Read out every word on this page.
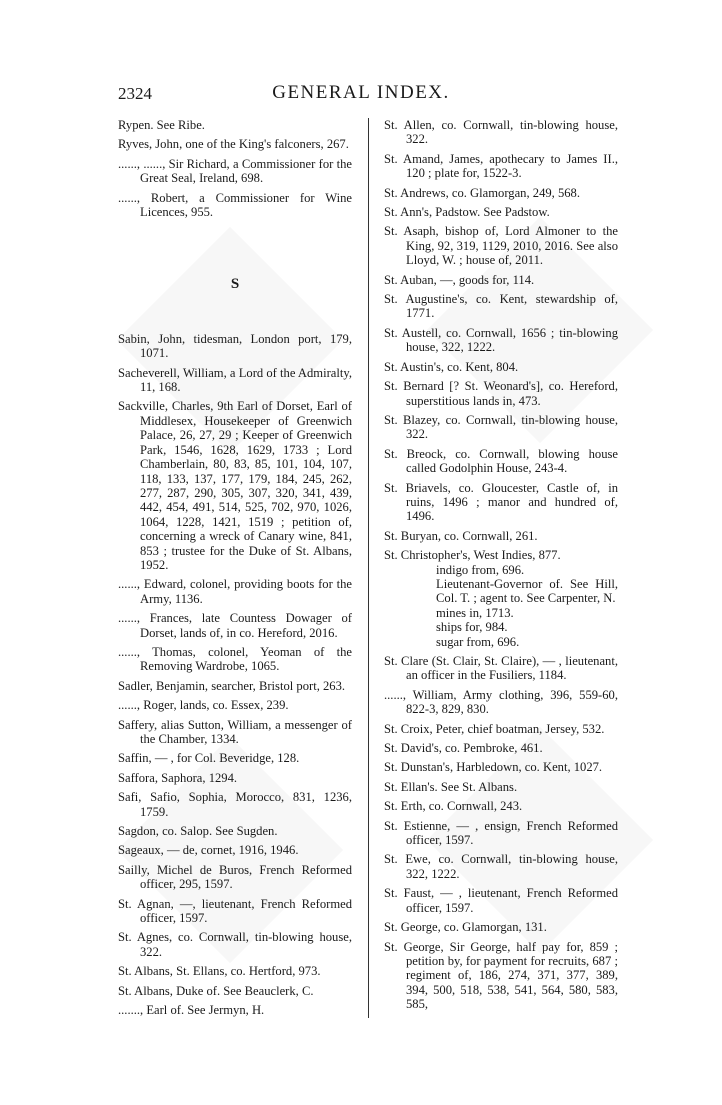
2324	GENERAL INDEX.
Rypen. See Ribe.
Ryves, John, one of the King's falconers, 267.
......, ......, Sir Richard, a Commissioner for the Great Seal, Ireland, 698.
......, Robert, a Commissioner for Wine Licences, 955.
S
Sabin, John, tidesman, London port, 179, 1071.
Sacheverell, William, a Lord of the Admiralty, 11, 168.
Sackville, Charles, 9th Earl of Dorset, Earl of Middlesex, Housekeeper of Greenwich Palace, 26, 27, 29 ; Keeper of Greenwich Park, 1546, 1628, 1629, 1733 ; Lord Chamberlain, 80, 83, 85, 101, 104, 107, 118, 133, 137, 177, 179, 184, 245, 262, 277, 287, 290, 305, 307, 320, 341, 439, 442, 454, 491, 514, 525, 702, 970, 1026, 1064, 1228, 1421, 1519 ; petition of, concerning a wreck of Canary wine, 841, 853 ; trustee for the Duke of St. Albans, 1952.
......, Edward, colonel, providing boots for the Army, 1136.
......, Frances, late Countess Dowager of Dorset, lands of, in co. Hereford, 2016.
......, Thomas, colonel, Yeoman of the Removing Wardrobe, 1065.
Sadler, Benjamin, searcher, Bristol port, 263.
......, Roger, lands, co. Essex, 239.
Saffery, alias Sutton, William, a messenger of the Chamber, 1334.
Saffin, — , for Col. Beveridge, 128.
Saffora, Saphora, 1294.
Safi, Safio, Sophia, Morocco, 831, 1236, 1759.
Sagdon, co. Salop. See Sugden.
Sageaux, — de, cornet, 1916, 1946.
Sailly, Michel de Buros, French Reformed officer, 295, 1597.
St. Agnan, —, lieutenant, French Reformed officer, 1597.
St. Agnes, co. Cornwall, tin-blowing house, 322.
St. Albans, St. Ellans, co. Hertford, 973.
St. Albans, Duke of. See Beauclerk, C.
......., Earl of. See Jermyn, H.
St. Allen, co. Cornwall, tin-blowing house, 322.
St. Amand, James, apothecary to James II., 120 ; plate for, 1522-3.
St. Andrews, co. Glamorgan, 249, 568.
St. Ann's, Padstow. See Padstow.
St. Asaph, bishop of, Lord Almoner to the King, 92, 319, 1129, 2010, 2016. See also Lloyd, W. ; house of, 2011.
St. Auban, —, goods for, 114.
St. Augustine's, co. Kent, stewardship of, 1771.
St. Austell, co. Cornwall, 1656 ; tin-blowing house, 322, 1222.
St. Austin's, co. Kent, 804.
St. Bernard [? St. Weonard's], co. Hereford, superstitious lands in, 473.
St. Blazey, co. Cornwall, tin-blowing house, 322.
St. Breock, co. Cornwall, blowing house called Godolphin House, 243-4.
St. Briavels, co. Gloucester, Castle of, in ruins, 1496 ; manor and hundred of, 1496.
St. Buryan, co. Cornwall, 261.
St. Christopher's, West Indies, 877.
indigo from, 696.
Lieutenant-Governor of. See Hill, Col. T. ; agent to. See Carpenter, N.
mines in, 1713.
ships for, 984.
sugar from, 696.
St. Clare (St. Clair, St. Claire), — , lieutenant, an officer in the Fusiliers, 1184.
......, William, Army clothing, 396, 559-60, 822-3, 829, 830.
St. Croix, Peter, chief boatman, Jersey, 532.
St. David's, co. Pembroke, 461.
St. Dunstan's, Harbledown, co. Kent, 1027.
St. Ellan's. See St. Albans.
St. Erth, co. Cornwall, 243.
St. Estienne, — , ensign, French Reformed officer, 1597.
St. Ewe, co. Cornwall, tin-blowing house, 322, 1222.
St. Faust, — , lieutenant, French Reformed officer, 1597.
St. George, co. Glamorgan, 131.
St. George, Sir George, half pay for, 859 ; petition by, for payment for recruits, 687 ; regiment of, 186, 274, 371, 377, 389, 394, 500, 518, 538, 541, 564, 580, 583, 585,
